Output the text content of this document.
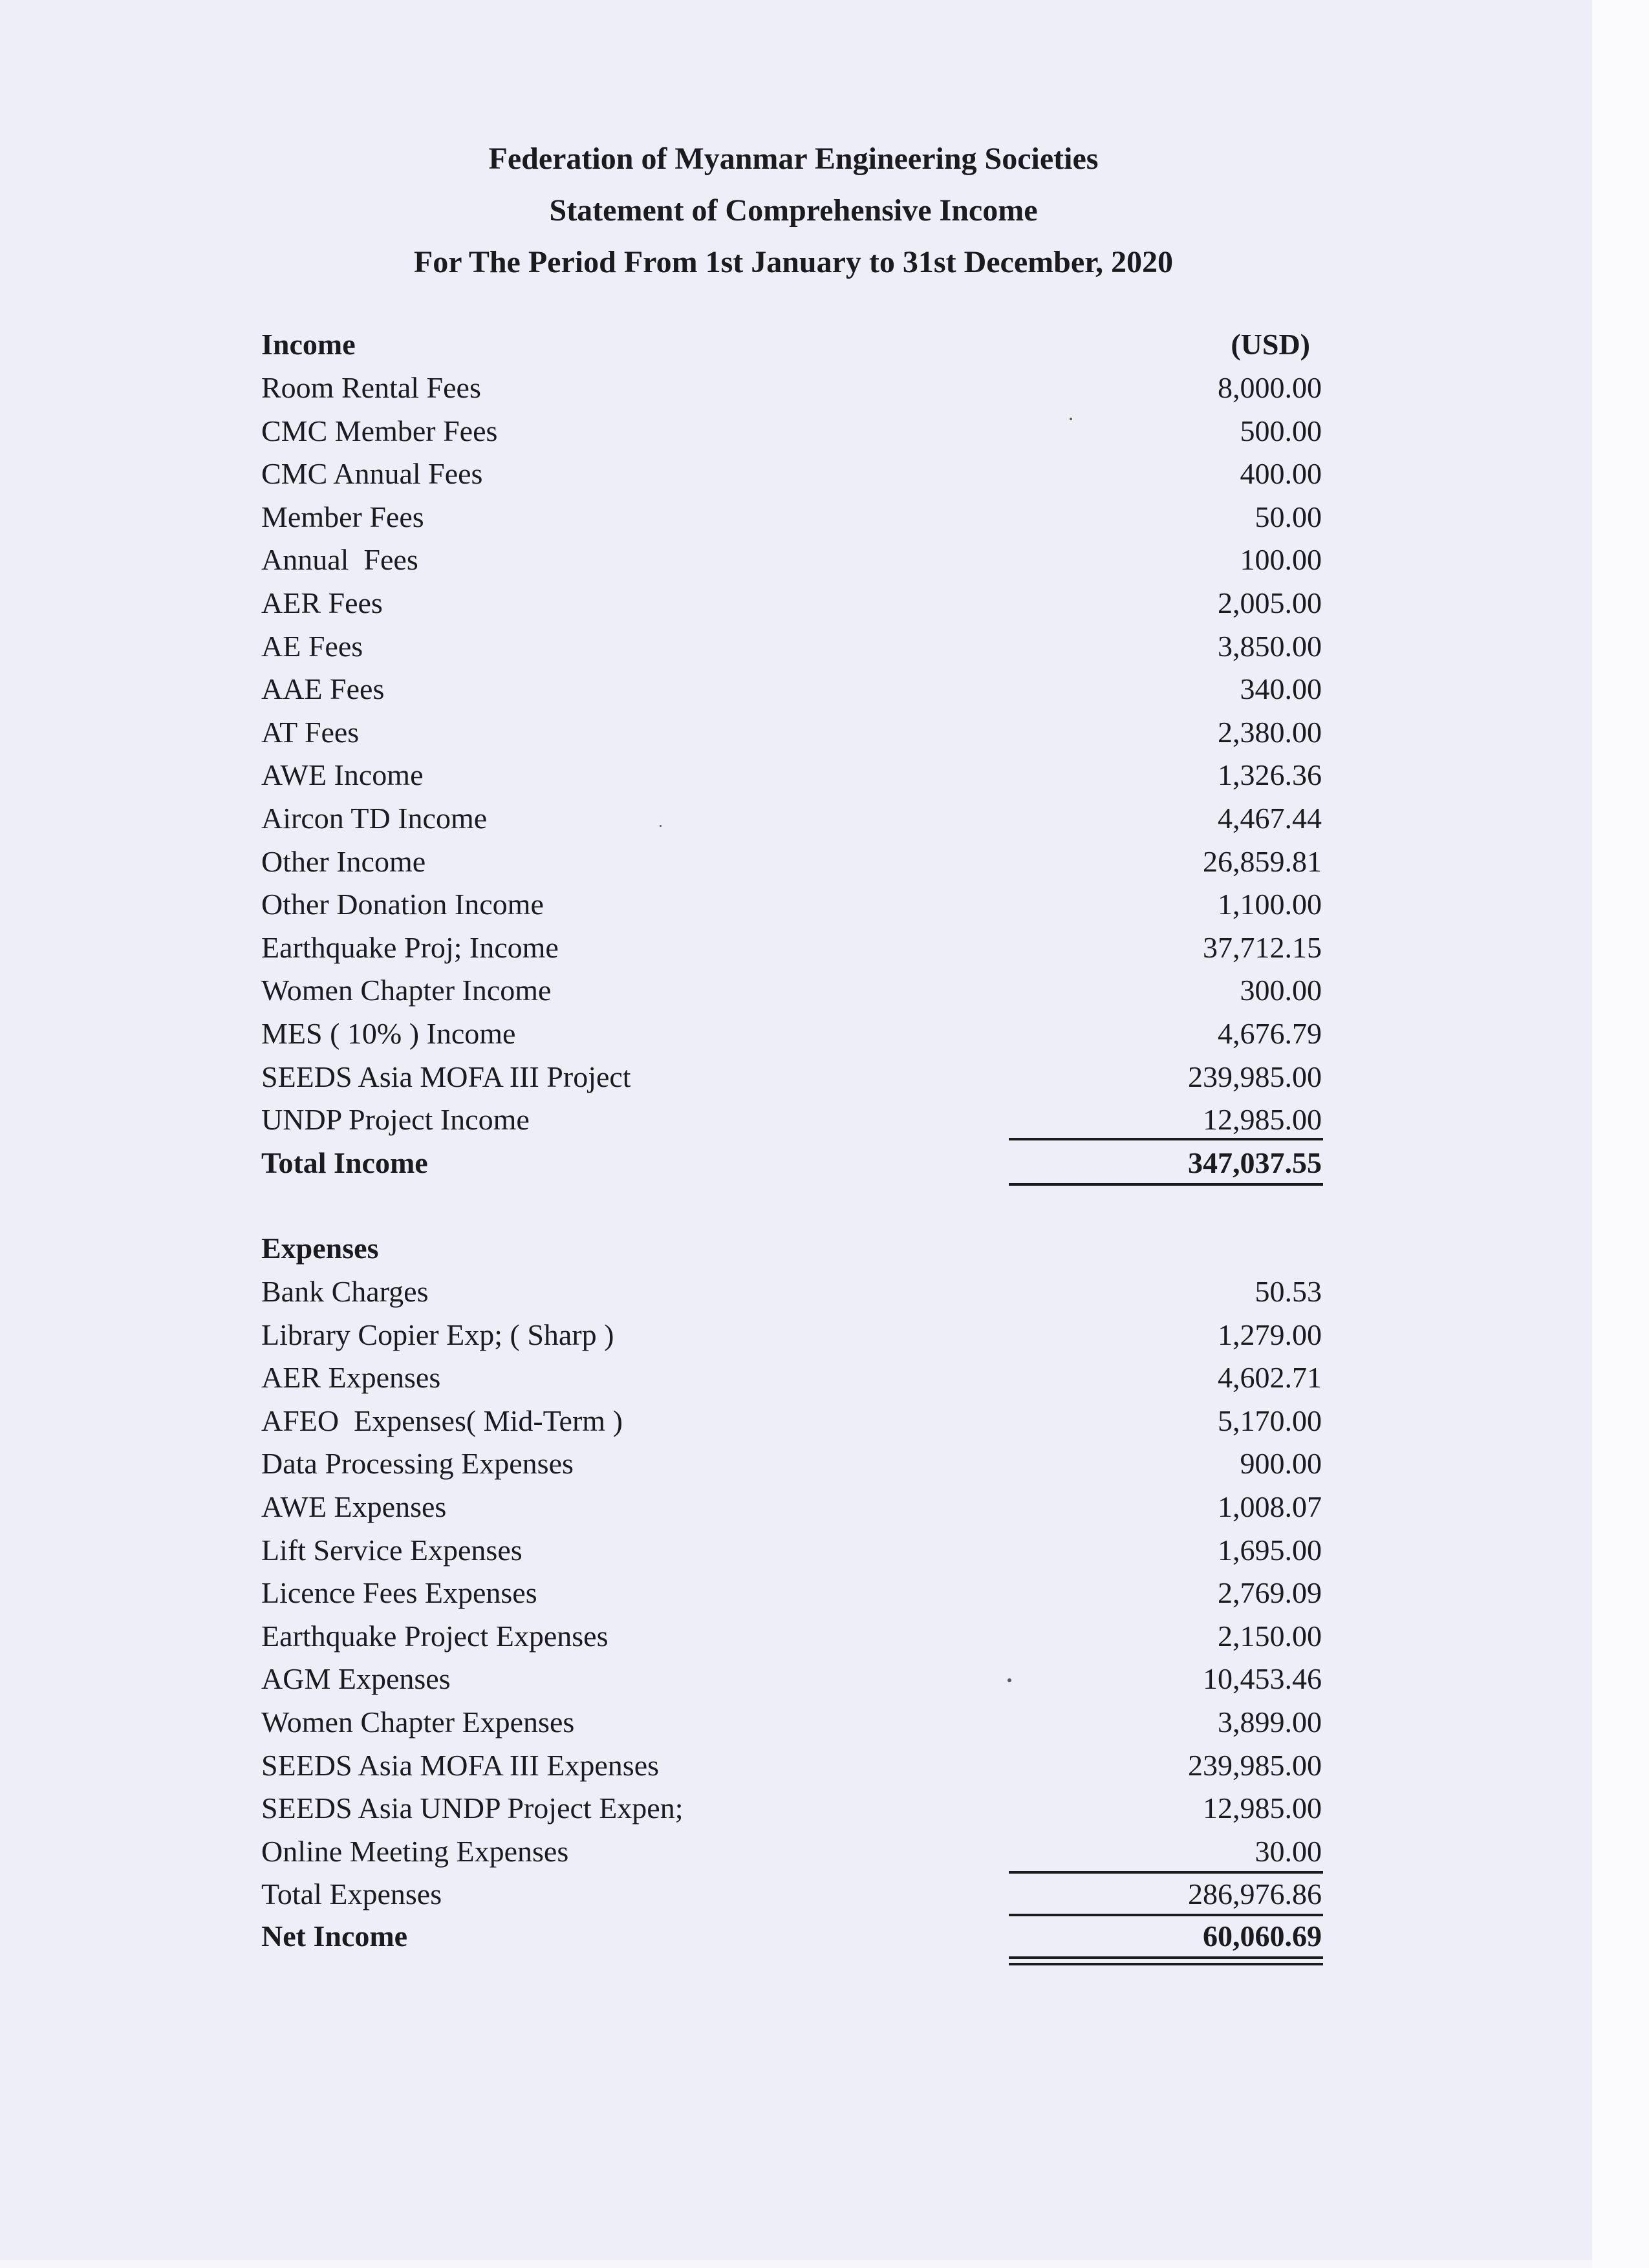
Federation of Myanmar Engineering Societies
Statement of Comprehensive Income
For The Period From 1st January to 31st December, 2020
Income	(USD)
Room Rental Fees	8,000.00
CMC Member Fees	500.00
CMC Annual Fees	400.00
Member Fees	50.00
Annual  Fees	100.00
AER Fees	2,005.00
AE Fees	3,850.00
AAE Fees	340.00
AT Fees	2,380.00
AWE Income	1,326.36
Aircon TD Income	4,467.44
Other Income	26,859.81
Other Donation Income	1,100.00
Earthquake Proj; Income	37,712.15
Women Chapter Income	300.00
MES ( 10% ) Income	4,676.79
SEEDS Asia MOFA III Project	239,985.00
UNDP Project Income	12,985.00
Total Income	347,037.55
Expenses
Bank Charges	50.53
Library Copier Exp; ( Sharp )	1,279.00
AER Expenses	4,602.71
AFEO  Expenses( Mid-Term )	5,170.00
Data Processing Expenses	900.00
AWE Expenses	1,008.07
Lift Service Expenses	1,695.00
Licence Fees Expenses	2,769.09
Earthquake Project Expenses	2,150.00
AGM Expenses	10,453.46
Women Chapter Expenses	3,899.00
SEEDS Asia MOFA III Expenses	239,985.00
SEEDS Asia UNDP Project Expen;	12,985.00
Online Meeting Expenses	30.00
Total Expenses	286,976.86
Net Income	60,060.69
